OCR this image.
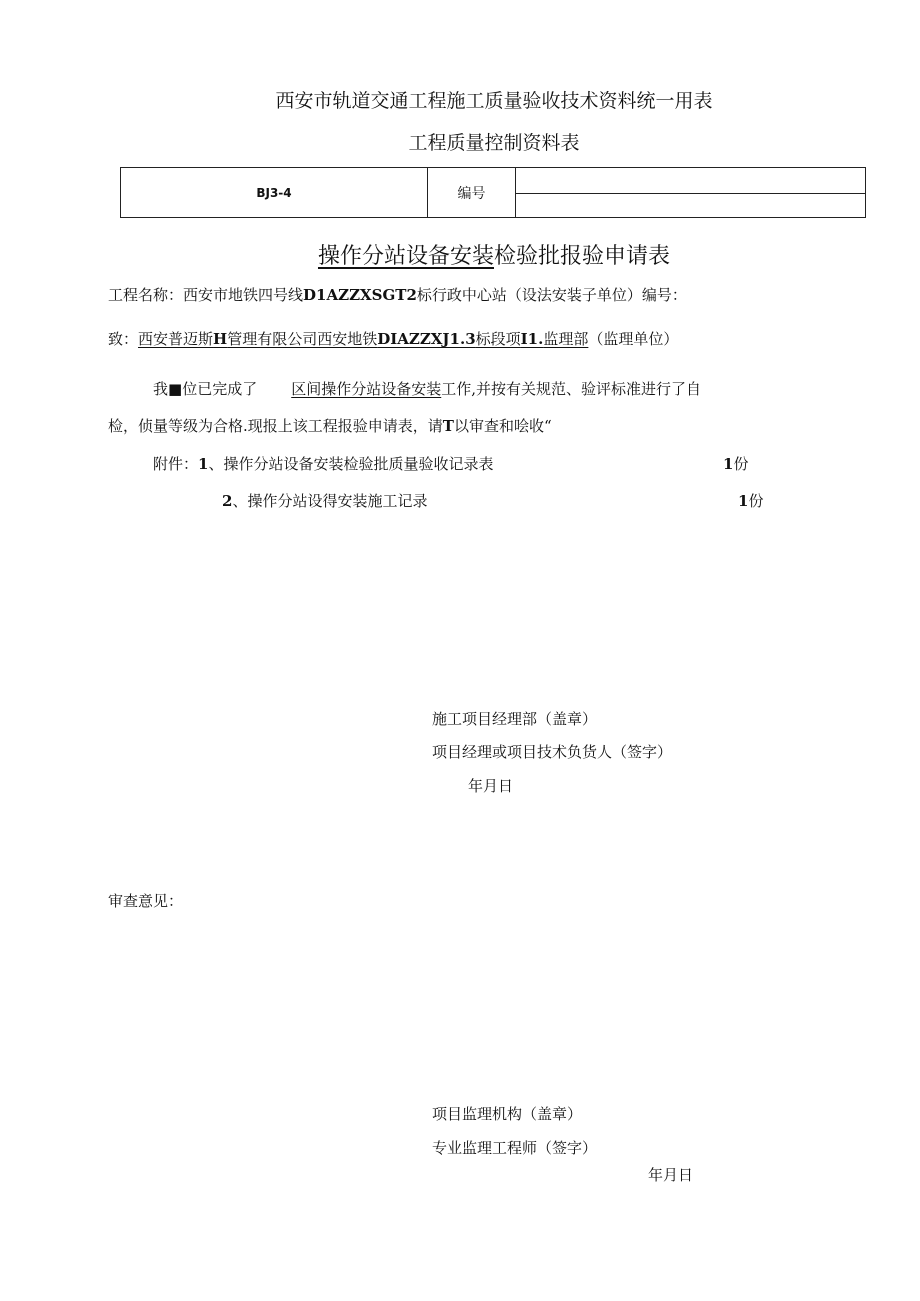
西安市轨道交通工程施工质量验收技术资料统一用表
工程质量控制资料表
BJ3-4	编号
操作分站设备安装检验批报验申请表
工程名称：西安市地铁四号线D1AZZXSGT2标行政中心站（设法安装子单位）编号：
致：西安普迈斯H管理有限公司西安地铁DIAZZXJ1.3标段项I1.监理部（监理单位）
我■位已完成了 区间操作分站设备安装工作,并按有关规范、验评标准进行了自
检，侦量等级为合格.现报上该工程报验申请表，请T以审查和哙收“
附件：1、操作分站设备安装检验批质量验收记录表	1份
2、操作分站设得安装施工记录	1份
施工项目经理部（盖章）
项目经理或项目技术负货人（签字）
年月日
审查意见：
项目监理机构（盖章）
专业监理工程师（签字）
年月日
